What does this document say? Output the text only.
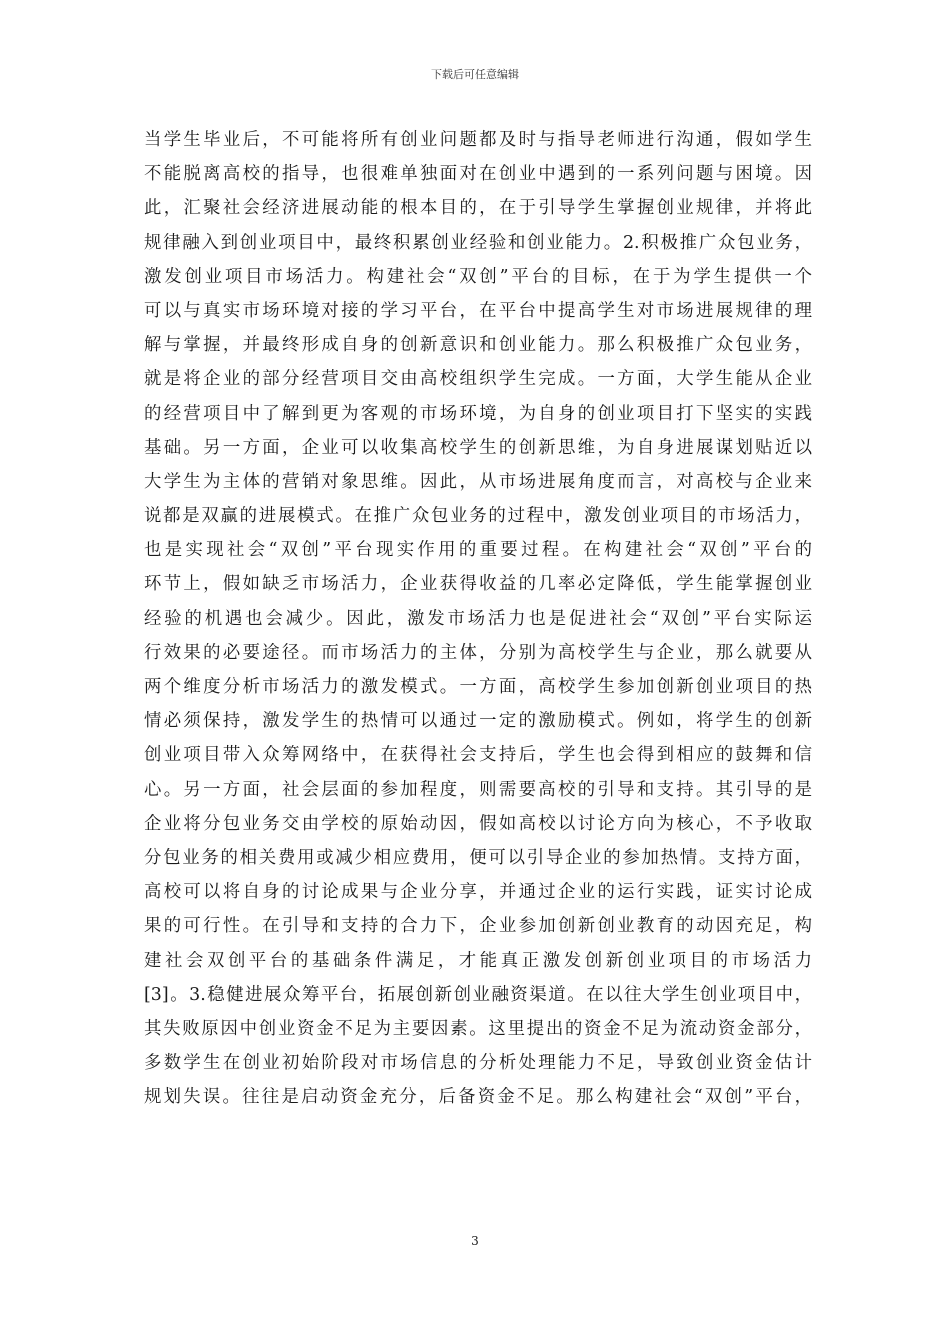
下载后可任意编辑
当学生毕业后，不可能将所有创业问题都及时与指导老师进行沟通，假如学生
不能脱离高校的指导，也很难单独面对在创业中遇到的一系列问题与困境。因
此，汇聚社会经济进展动能的根本目的，在于引导学生掌握创业规律，并将此
规律融入到创业项目中，最终积累创业经验和创业能力。2.积极推广众包业务，
激发创业项目市场活力。构建社会“双创”平台的目标，在于为学生提供一个
可以与真实市场环境对接的学习平台，在平台中提高学生对市场进展规律的理
解与掌握，并最终形成自身的创新意识和创业能力。那么积极推广众包业务，
就是将企业的部分经营项目交由高校组织学生完成。一方面，大学生能从企业
的经营项目中了解到更为客观的市场环境，为自身的创业项目打下坚实的实践
基础。另一方面，企业可以收集高校学生的创新思维，为自身进展谋划贴近以
大学生为主体的营销对象思维。因此，从市场进展角度而言，对高校与企业来
说都是双赢的进展模式。在推广众包业务的过程中，激发创业项目的市场活力，
也是实现社会“双创”平台现实作用的重要过程。在构建社会“双创”平台的
环节上，假如缺乏市场活力，企业获得收益的几率必定降低，学生能掌握创业
经验的机遇也会减少。因此，激发市场活力也是促进社会“双创”平台实际运
行效果的必要途径。而市场活力的主体，分别为高校学生与企业，那么就要从
两个维度分析市场活力的激发模式。一方面，高校学生参加创新创业项目的热
情必须保持，激发学生的热情可以通过一定的激励模式。例如，将学生的创新
创业项目带入众筹网络中，在获得社会支持后，学生也会得到相应的鼓舞和信
心。另一方面，社会层面的参加程度，则需要高校的引导和支持。其引导的是
企业将分包业务交由学校的原始动因，假如高校以讨论方向为核心，不予收取
分包业务的相关费用或减少相应费用，便可以引导企业的参加热情。支持方面，
高校可以将自身的讨论成果与企业分享，并通过企业的运行实践，证实讨论成
果的可行性。在引导和支持的合力下，企业参加创新创业教育的动因充足，构
建社会双创平台的基础条件满足，才能真正激发创新创业项目的市场活力
[3]。3.稳健进展众筹平台，拓展创新创业融资渠道。在以往大学生创业项目中，
其失败原因中创业资金不足为主要因素。这里提出的资金不足为流动资金部分，
多数学生在创业初始阶段对市场信息的分析处理能力不足，导致创业资金估计
规划失误。往往是启动资金充分，后备资金不足。那么构建社会“双创”平台，
3
